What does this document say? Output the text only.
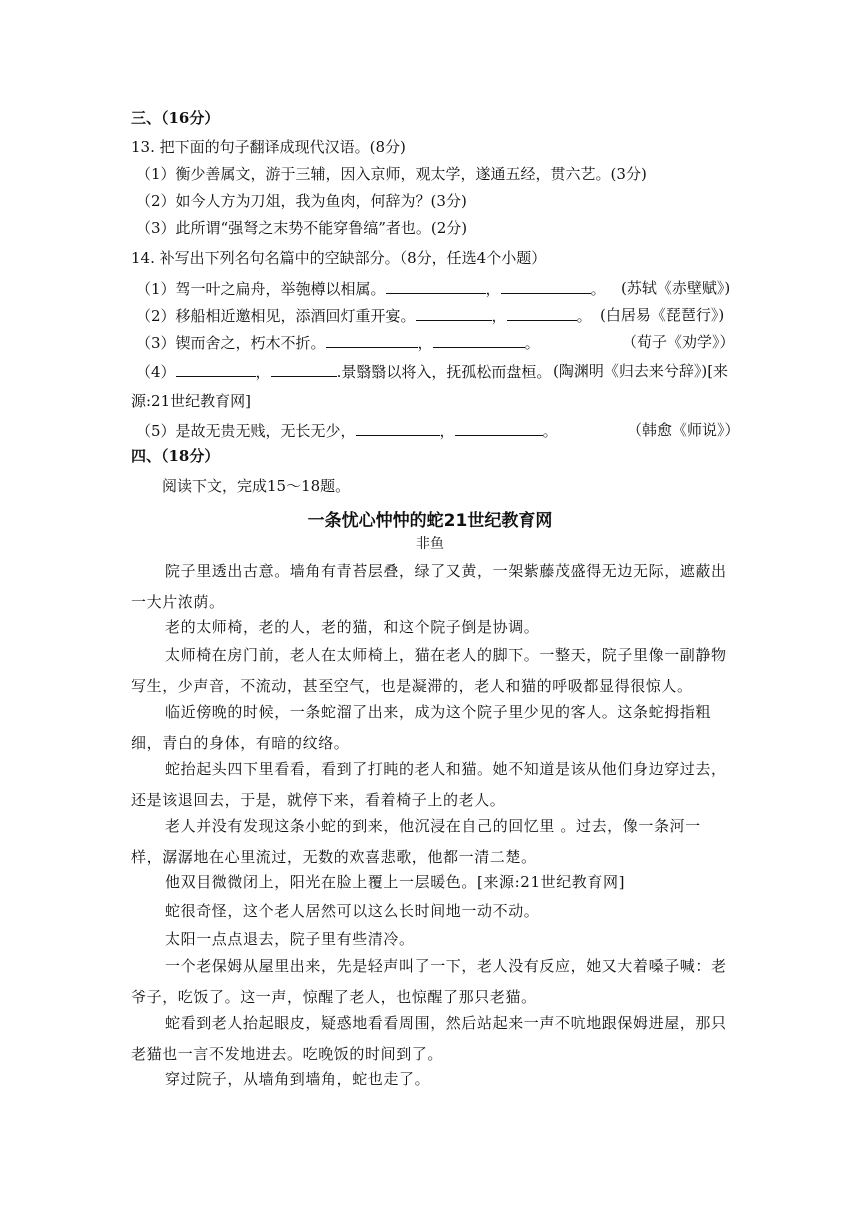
三、（16分）
13. 把下面的句子翻译成现代汉语。(8分)
（1）衡少善属文，游于三辅，因入京师，观太学，遂通五经，贯六艺。(3分)
（2）如今人方为刀俎，我为鱼肉，何辞为？(3分)
（3）此所谓“强弩之末势不能穿鲁缟”者也。(2分)
14. 补写出下列名句名篇中的空缺部分。（8分，任选4个小题）
（1）驾一叶之扁舟，举匏樽以相属。	，	。 (苏轼《赤壁赋》)
（2）移船相近邀相见，添酒回灯重开宴。	，	。 (白居易《琵琶行》)
（3）锲而舍之，朽木不折。	，	。	（荀子《劝学》）
（4）	，	.景翳翳以将入，抚孤松而盘桓。 (陶渊明《归去来兮辞》)[来
源:21世纪教育网]
（5）是故无贵无贱，无长无少，	，	。	（韩愈《师说》）
四、（18分）
阅读下文，完成15～18题。
一条忧心忡忡的蛇21世纪教育网
非鱼
院子里透出古意。墙角有青苔层叠，绿了又黄，一架紫藤茂盛得无边无际，遮蔽出一大片浓荫。
老的太师椅，老的人，老的猫，和这个院子倒是协调。
太师椅在房门前，老人在太师椅上，猫在老人的脚下。一整天，院子里像一副静物写生，少声音，不流动，甚至空气，也是凝滞的，老人和猫的呼吸都显得很惊人。
临近傍晚的时候，一条蛇溜了出来，成为这个院子里少见的客人。这条蛇拇指粗细，青白的身体，有暗的纹络。
蛇抬起头四下里看看，看到了打盹的老人和猫。她不知道是该从他们身边穿过去，还是该退回去，于是，就停下来，看着椅子上的老人。
老人并没有发现这条小蛇的到来，他沉浸在自己的回忆里 。过去，像一条河一样，潺潺地在心里流过，无数的欢喜悲歌，他都一清二楚。
他双目微微闭上，阳光在脸上覆上一层暖色。[来源:21世纪教育网]
蛇很奇怪，这个老人居然可以这么长时间地一动不动。
太阳一点点退去，院子里有些清冷。
一个老保姆从屋里出来，先是轻声叫了一下，老人没有反应，她又大着嗓子喊：老爷子，吃饭了。这一声，惊醒了老人，也惊醒了那只老猫。
蛇看到老人抬起眼皮，疑惑地看看周围，然后站起来一声不吭地跟保姆进屋，那只老猫也一言不发地进去。吃晚饭的时间到了。
穿过院子，从墙角到墙角，蛇也走了。
